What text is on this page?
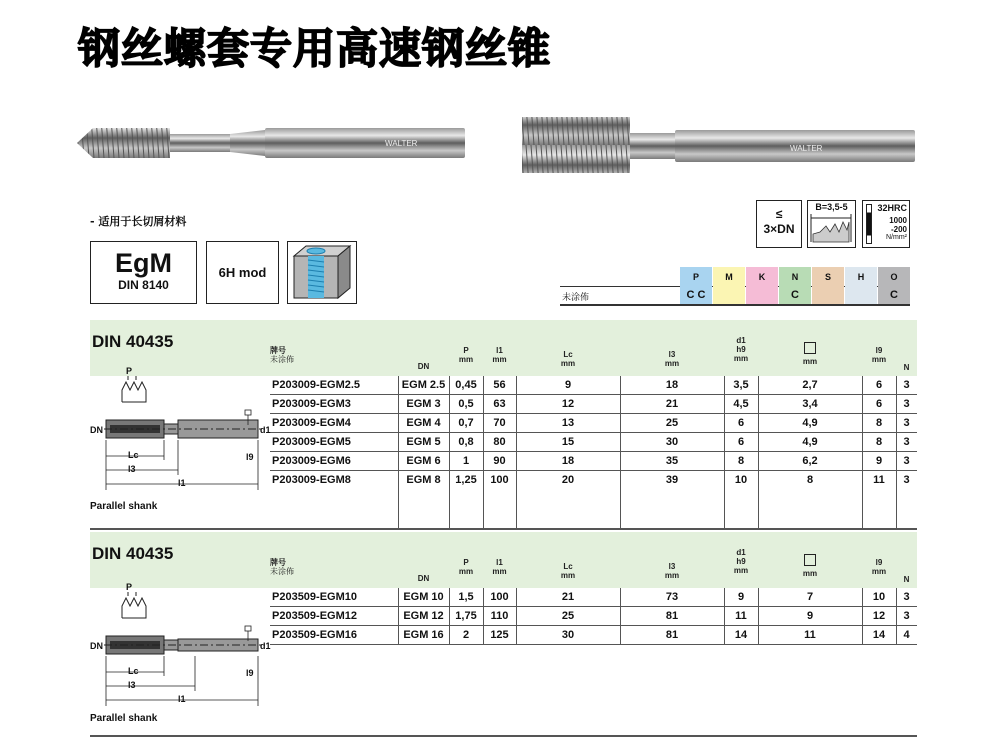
钢丝螺套专用高速钢丝锥
WALTER
WALTER
- 适用于长切屑材料
EgM
DIN 8140
6H mod
≤
3×DN
B=3,5-5	32HRC
1000
-200
N/mm²
未涂佈
P
C C
M	K	N
C
S	H	O
C
DIN 40435	牌号
未涂佈
DN
P
mm
l1
mm
Lc
mm
l3
mm
d1
h9
mm	mm
l9
mm
N
P203009-EGM2.5	EGM 2.5 0,45	56	9	18	3,5	2,7	6	3
P203009-EGM3	EGM 3	0,5	63	12	21	4,5	3,4	6	3
P203009-EGM4	EGM 4	0,7	70	13	25	6	4,9	8	3
P203009-EGM5	EGM 5	0,8	80	15	30	6	4,9	8	3
P203009-EGM6	EGM 6	1	90	18	35	8	6,2	9	3
P203009-EGM8	EGM 8	1,25	100	20	39	10	8	11	3
P
DN	d1
Lc
l3
l1
l9
Parallel shank
DIN 40435	牌号
未涂佈
DN
P
mm
l1
mm
Lc
mm
l3
mm
d1
h9
mm	mm
l9
mm
N
P203509-EGM10	EGM 10	1,5	100	21	73	9	7	10	3
P203509-EGM12	EGM 12	1,75	110	25	81	11	9	12	3
P203509-EGM16	EGM 16	2	125	30	81	14	11	14	4
P
DN	d1
Lc
l3
l1
l9
Parallel shank
